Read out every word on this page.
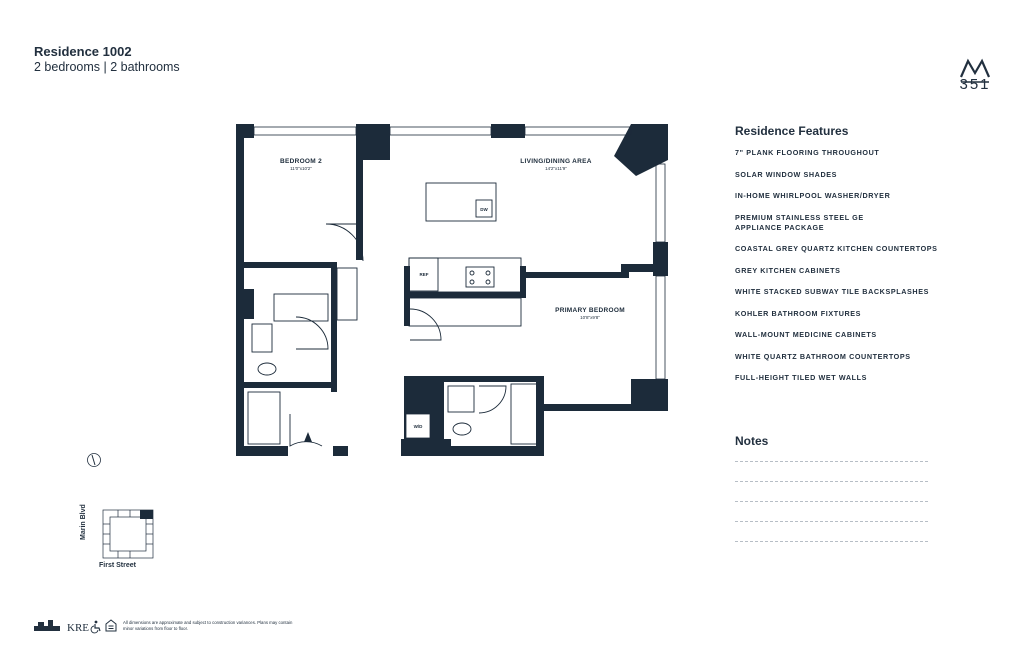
Residence 1002
2 bedrooms | 2 bathrooms
351
W/D
REF
DW
BEDROOM 2
11'0"x10'2"
LIVING/DINING AREA
14'2"x11'9"
PRIMARY BEDROOM
10'8"x9'8"
Residence Features
7" PLANK FLOORING THROUGHOUT
SOLAR WINDOW SHADES
IN-HOME WHIRLPOOL WASHER/DRYER
PREMIUM STAINLESS STEEL GE APPLIANCE PACKAGE
COASTAL GREY QUARTZ KITCHEN COUNTERTOPS
GREY KITCHEN CABINETS
WHITE STACKED SUBWAY TILE BACKSPLASHES
KOHLER BATHROOM FIXTURES
WALL-MOUNT MEDICINE CABINETS
WHITE QUARTZ BATHROOM COUNTERTOPS
FULL-HEIGHT TILED WET WALLS
Notes
Marin Blvd
First Street
KRE	All dimensions are approximate and subject to construction variances. Plans may contain minor variations from floor to floor.
